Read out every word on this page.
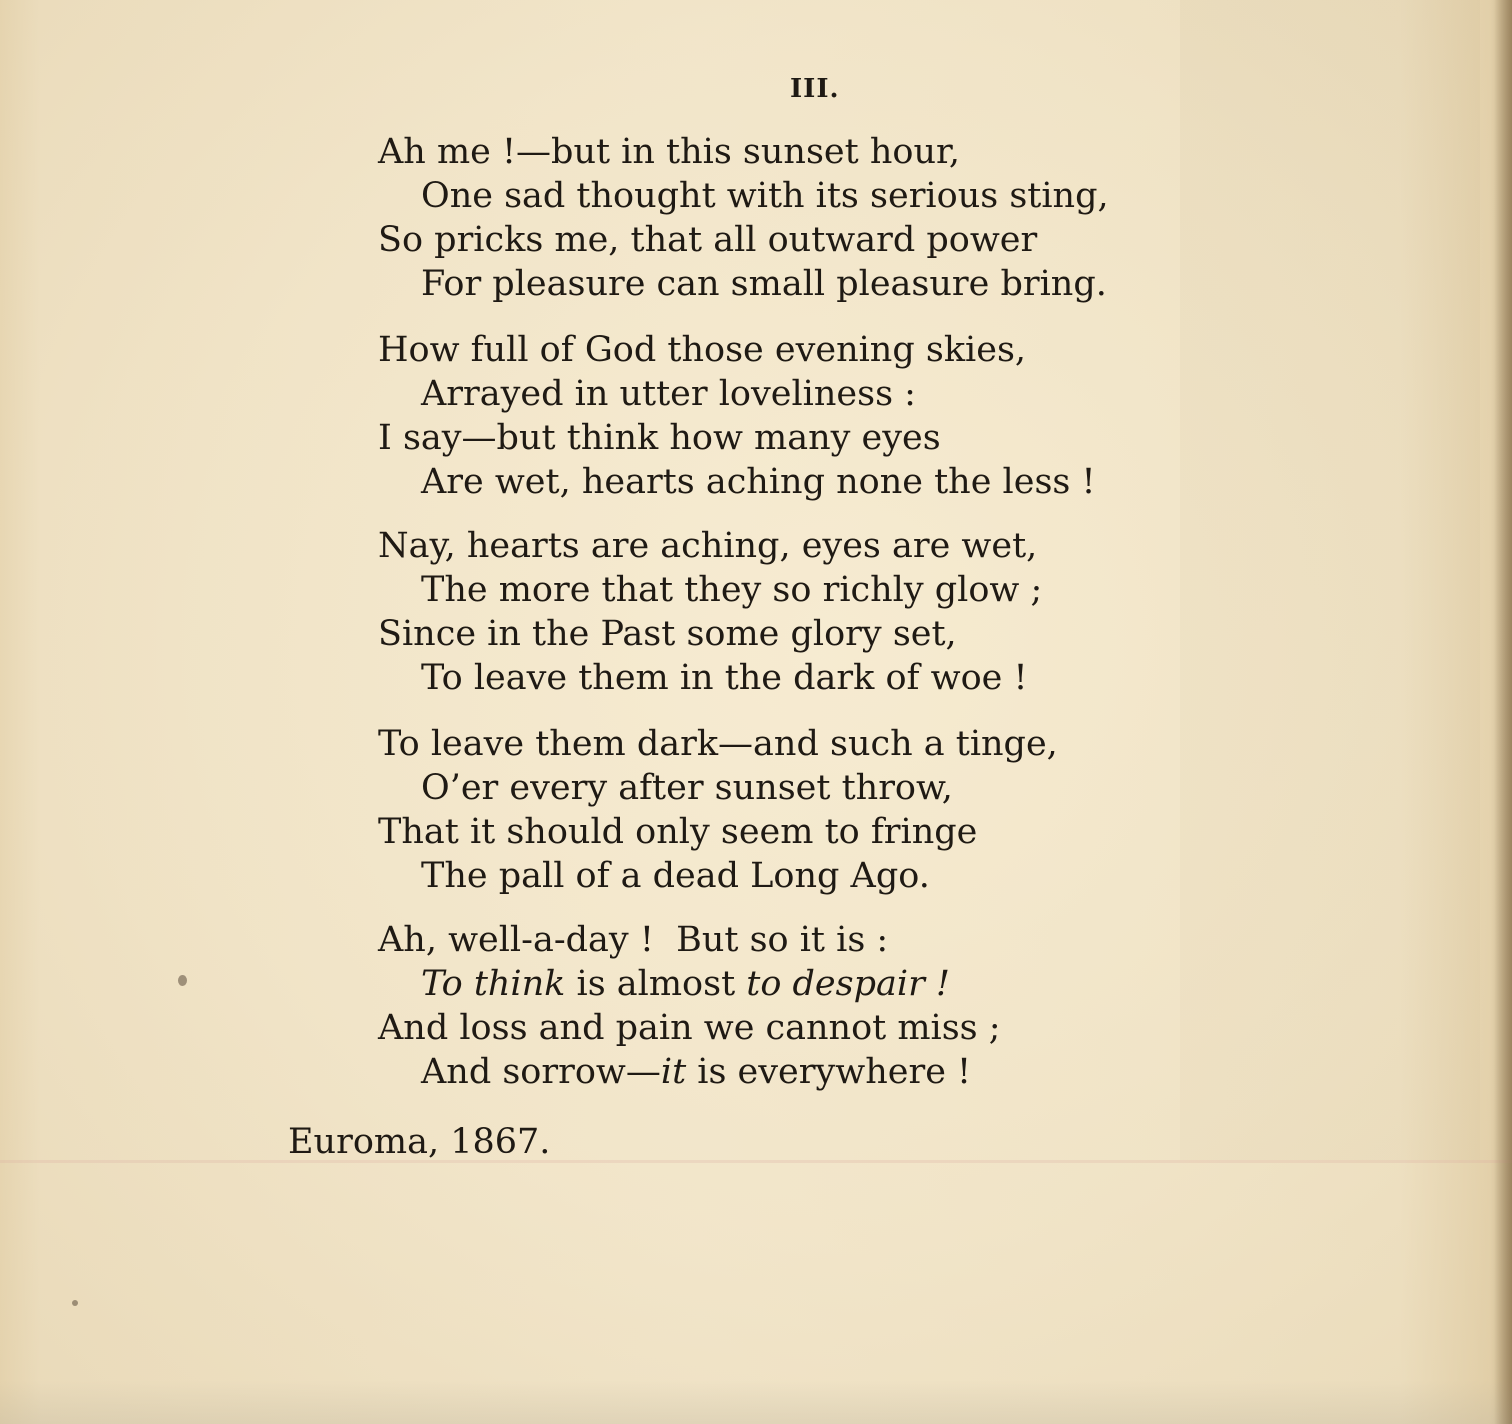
III.
Ah me !—but in this sunset hour,
One sad thought with its serious sting,
So pricks me, that all outward power
For pleasure can small pleasure bring.
How full of God those evening skies,
Arrayed in utter loveliness :
I say—but think how many eyes
Are wet, hearts aching none the less !
Nay, hearts are aching, eyes are wet,
The more that they so richly glow ;
Since in the Past some glory set,
To leave them in the dark of woe !
To leave them dark—and such a tinge,
O’er every after sunset throw,
That it should only seem to fringe
The pall of a dead Long Ago.
Ah, well-a-day !  But so it is :
To think is almost to despair !
And loss and pain we cannot miss ;
And sorrow—it is everywhere !
Euroma, 1867.
